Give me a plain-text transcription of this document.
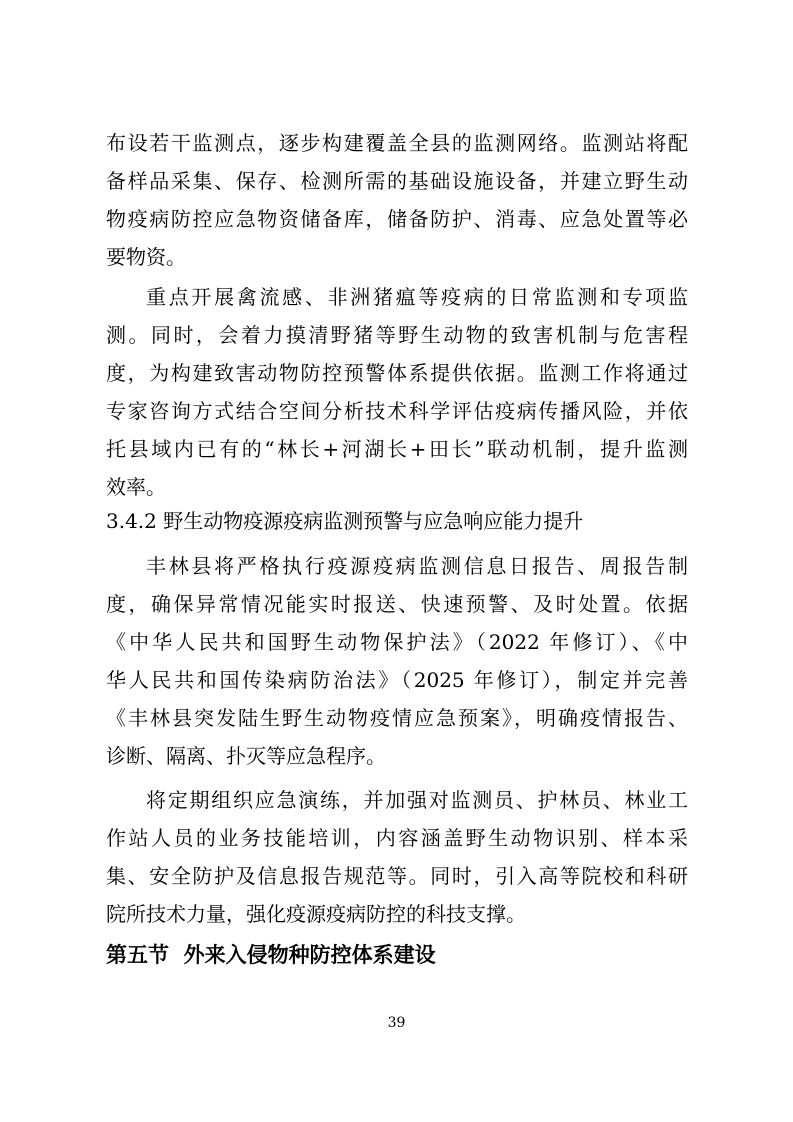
布设若干监测点，逐步构建覆盖全县的监测网络。监测站将配
备样品采集、保存、检测所需的基础设施设备，并建立野生动
物疫病防控应急物资储备库，储备防护、消毒、应急处置等必
要物资。
重点开展禽流感、非洲猪瘟等疫病的日常监测和专项监
测。同时，会着力摸清野猪等野生动物的致害机制与危害程
度，为构建致害动物防控预警体系提供依据。监测工作将通过
专家咨询方式结合空间分析技术科学评估疫病传播风险，并依
托县域内已有的“林长+河湖长+田长”联动机制，提升监测
效率。
3.4.2 野生动物疫源疫病监测预警与应急响应能力提升
丰林县将严格执行疫源疫病监测信息日报告、周报告制
度，确保异常情况能实时报送、快速预警、及时处置。依据
《中华人民共和国野生动物保护法》（2022 年修订）、《中
华人民共和国传染病防治法》（2025 年修订），制定并完善
《丰林县突发陆生野生动物疫情应急预案》，明确疫情报告、
诊断、隔离、扑灭等应急程序。
将定期组织应急演练，并加强对监测员、护林员、林业工
作站人员的业务技能培训，内容涵盖野生动物识别、样本采
集、安全防护及信息报告规范等。同时，引入高等院校和科研
院所技术力量，强化疫源疫病防控的科技支撑。
第五节  外来入侵物种防控体系建设
39
